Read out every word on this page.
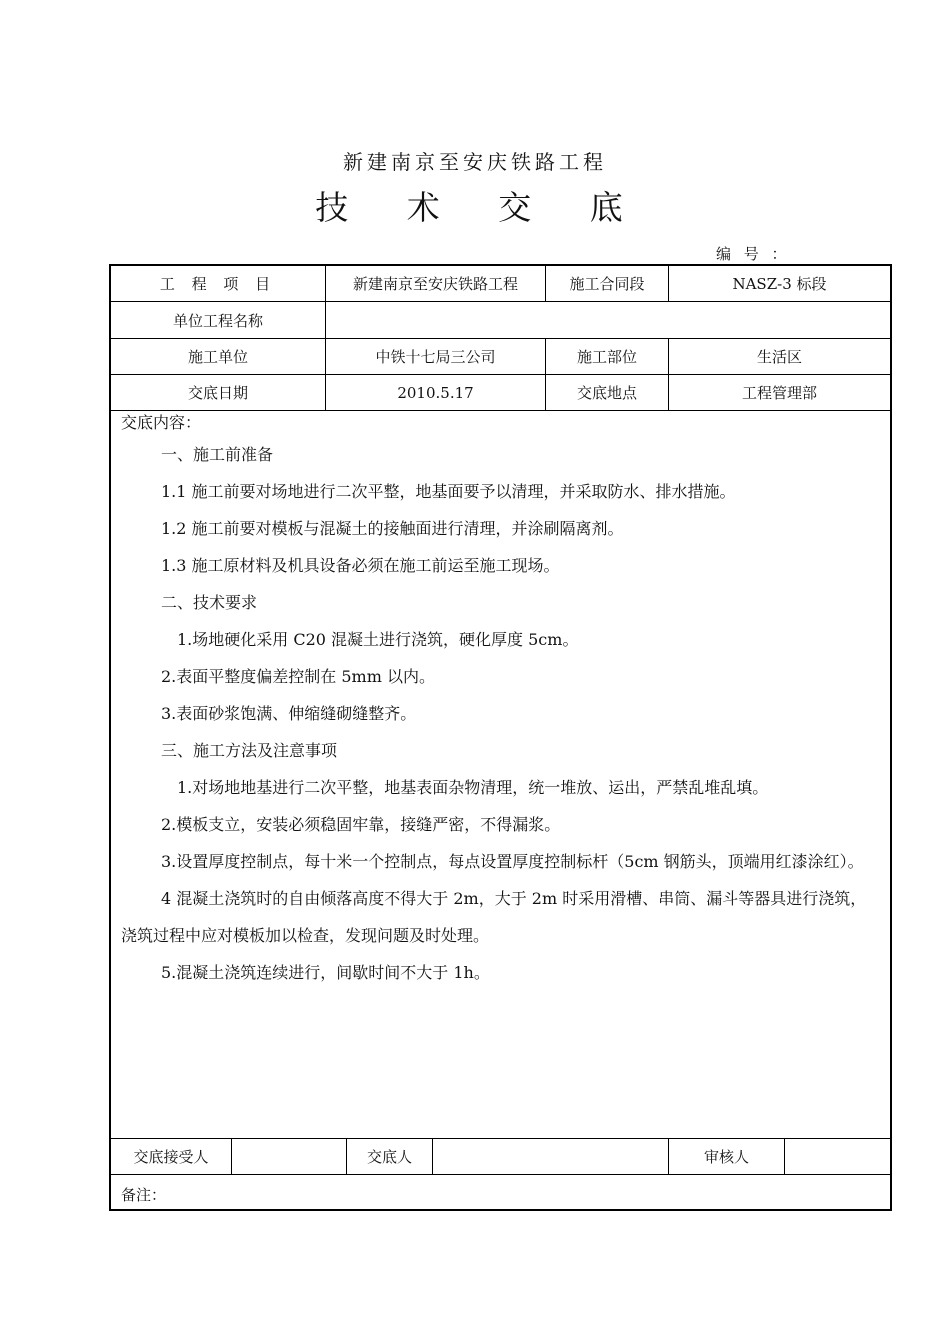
新建南京至安庆铁路工程
技 术 交 底
编 号 ：
工 程 项 目	新建南京至安庆铁路工程	施工合同段	NASZ-3 标段
单位工程名称
施工单位	中铁十七局三公司	施工部位	生活区
交底日期	2010.5.17	交底地点	工程管理部

交底内容：

一、施工前准备

1.1 施工前要对场地进行二次平整，地基面要予以清理，并采取防水、排水措施。

1.2 施工前要对模板与混凝土的接触面进行清理，并涂刷隔离剂。

1.3 施工原材料及机具设备必须在施工前运至施工现场。

二、技术要求

1.场地硬化采用 C20 混凝土进行浇筑，硬化厚度 5cm。

2.表面平整度偏差控制在 5mm 以内。

3.表面砂浆饱满、伸缩缝砌缝整齐。

三、施工方法及注意事项

1.对场地地基进行二次平整，地基表面杂物清理，统一堆放、运出，严禁乱堆乱填。

2.模板支立，安装必须稳固牢靠，接缝严密，不得漏浆。

3.设置厚度控制点，每十米一个控制点，每点设置厚度控制标杆（5cm 钢筋头，顶端用红漆涂红）。

4 混凝土浇筑时的自由倾落高度不得大于 2m，大于 2m 时采用滑槽、串筒、漏斗等器具进行浇筑，浇筑过程中应对模板加以检查，发现问题及时处理。

5.混凝土浇筑连续进行，间歇时间不大于 1h。

交底接受人	交底人	审核人
备注：
